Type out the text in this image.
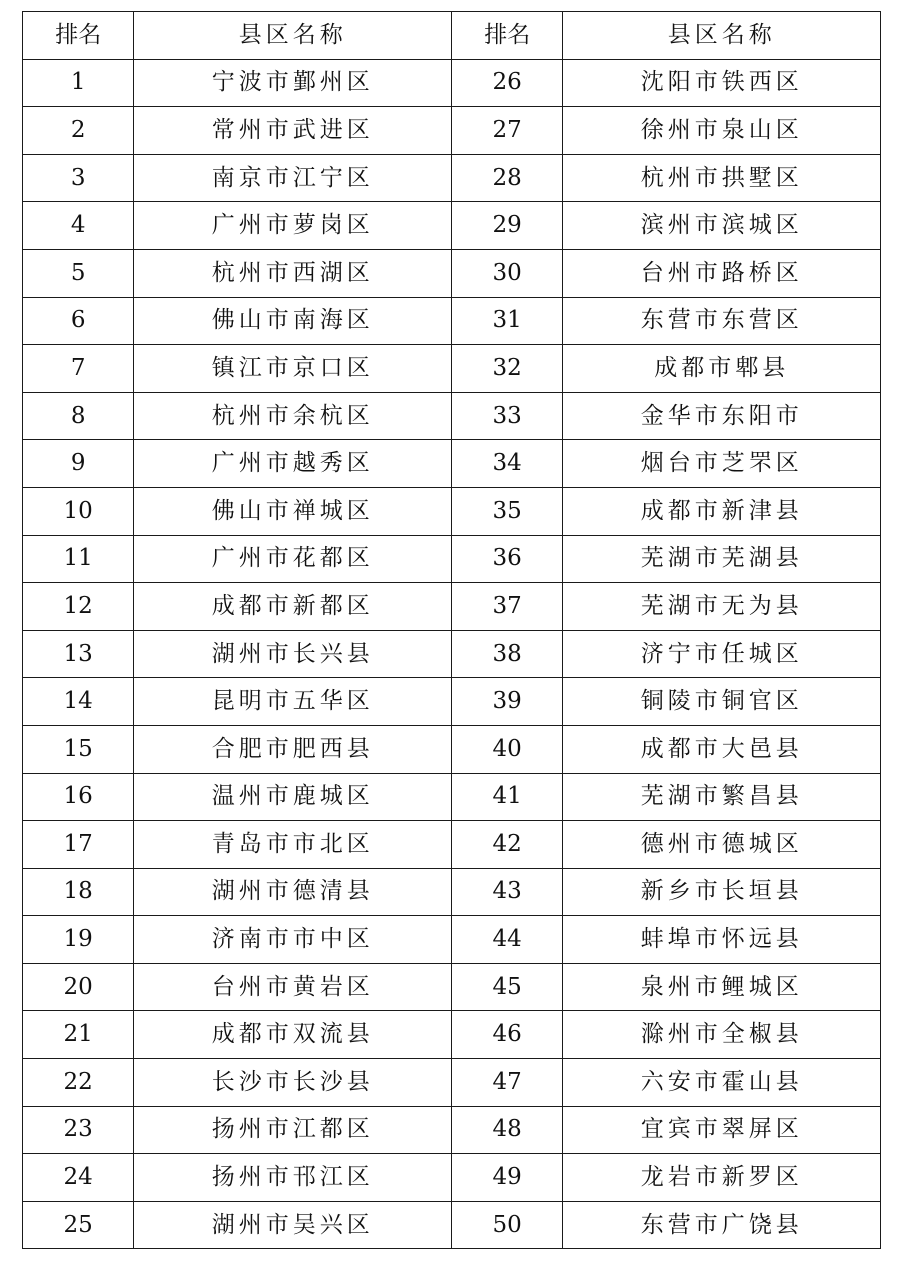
排名	县区名称	排名	县区名称
1	宁波市鄞州区	26	沈阳市铁西区
2	常州市武进区	27	徐州市泉山区
3	南京市江宁区	28	杭州市拱墅区
4	广州市萝岗区	29	滨州市滨城区
5	杭州市西湖区	30	台州市路桥区
6	佛山市南海区	31	东营市东营区
7	镇江市京口区	32	成都市郫县
8	杭州市余杭区	33	金华市东阳市
9	广州市越秀区	34	烟台市芝罘区
10	佛山市禅城区	35	成都市新津县
11	广州市花都区	36	芜湖市芜湖县
12	成都市新都区	37	芜湖市无为县
13	湖州市长兴县	38	济宁市任城区
14	昆明市五华区	39	铜陵市铜官区
15	合肥市肥西县	40	成都市大邑县
16	温州市鹿城区	41	芜湖市繁昌县
17	青岛市市北区	42	德州市德城区
18	湖州市德清县	43	新乡市长垣县
19	济南市市中区	44	蚌埠市怀远县
20	台州市黄岩区	45	泉州市鲤城区
21	成都市双流县	46	滁州市全椒县
22	长沙市长沙县	47	六安市霍山县
23	扬州市江都区	48	宜宾市翠屏区
24	扬州市邗江区	49	龙岩市新罗区
25	湖州市吴兴区	50	东营市广饶县
